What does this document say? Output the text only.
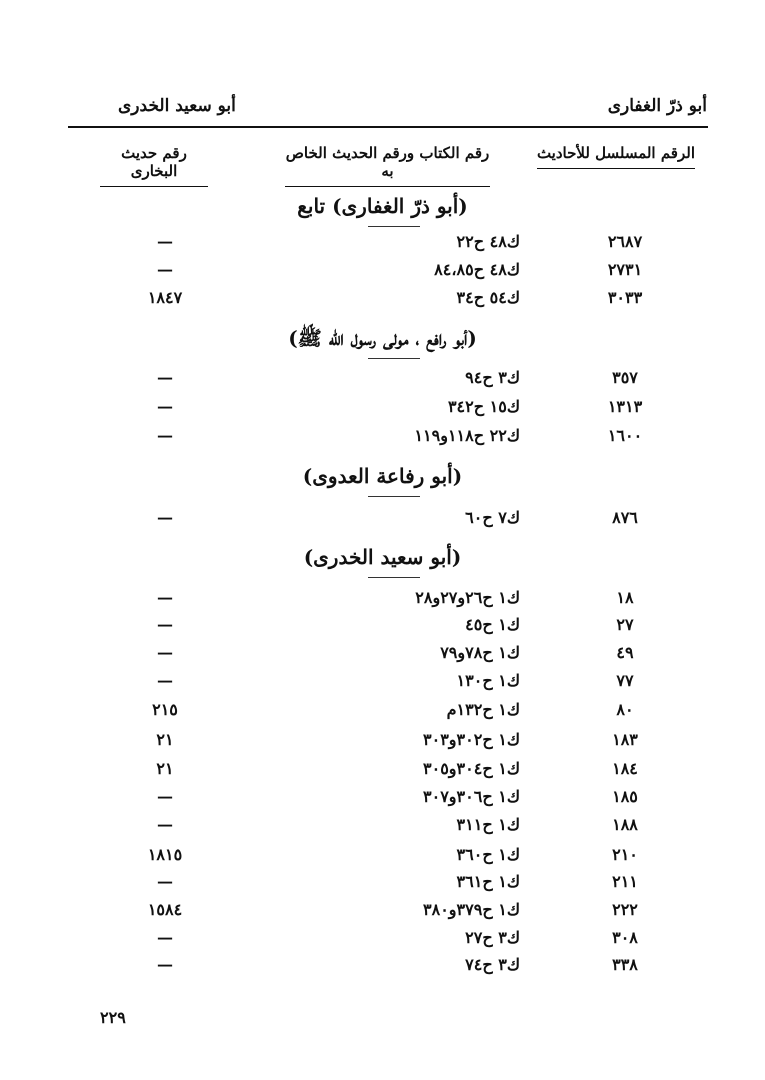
أبو ذرّ الغفارى
أبو سعيد الخدرى
الرقم المسلسل للأحاديث
رقم الكتاب ورقم الحديث الخاص به
رقم حديث البخارى
(أبو ذرّ الغفارى) تابع
٢٦٨٧
ك٤٨ ح٢٢
—
٢٧٣١
ك٤٨ ح٨٤،٨٥
—
٣٠٣٣
ك٥٤ ح٣٤
١٨٤٧
(أبو رافع ، مولى رسول الله ﷺ)
٣٥٧
ك٣ ح٩٤
—
١٣١٣
ك١٥ ح٣٤٢
—
١٦٠٠
ك٢٢ ح١١٨و١١٩
—
(أبو رفاعة العدوى)
٨٧٦
ك٧ ح٦٠
—
(أبو سعيد الخدرى)
١٨
ك١ ح٢٦و٢٧و٢٨
—
٢٧
ك١ ح٤٥
—
٤٩
ك١ ح٧٨و٧٩
—
٧٧
ك١ ح١٣٠
—
٨٠
ك١ ح١٣٢م
٢١٥
١٨٣
ك١ ح٣٠٢و٣٠٣
٢١
١٨٤
ك١ ح٣٠٤و٣٠٥
٢١
١٨٥
ك١ ح٣٠٦و٣٠٧
—
١٨٨
ك١ ح٣١١
—
٢١٠
ك١ ح٣٦٠
١٨١٥
٢١١
ك١ ح٣٦١
—
٢٢٢
ك١ ح٣٧٩و٣٨٠
١٥٨٤
٣٠٨
ك٣ ح٢٧
—
٣٣٨
ك٣ ح٧٤
—
٢٢٩
